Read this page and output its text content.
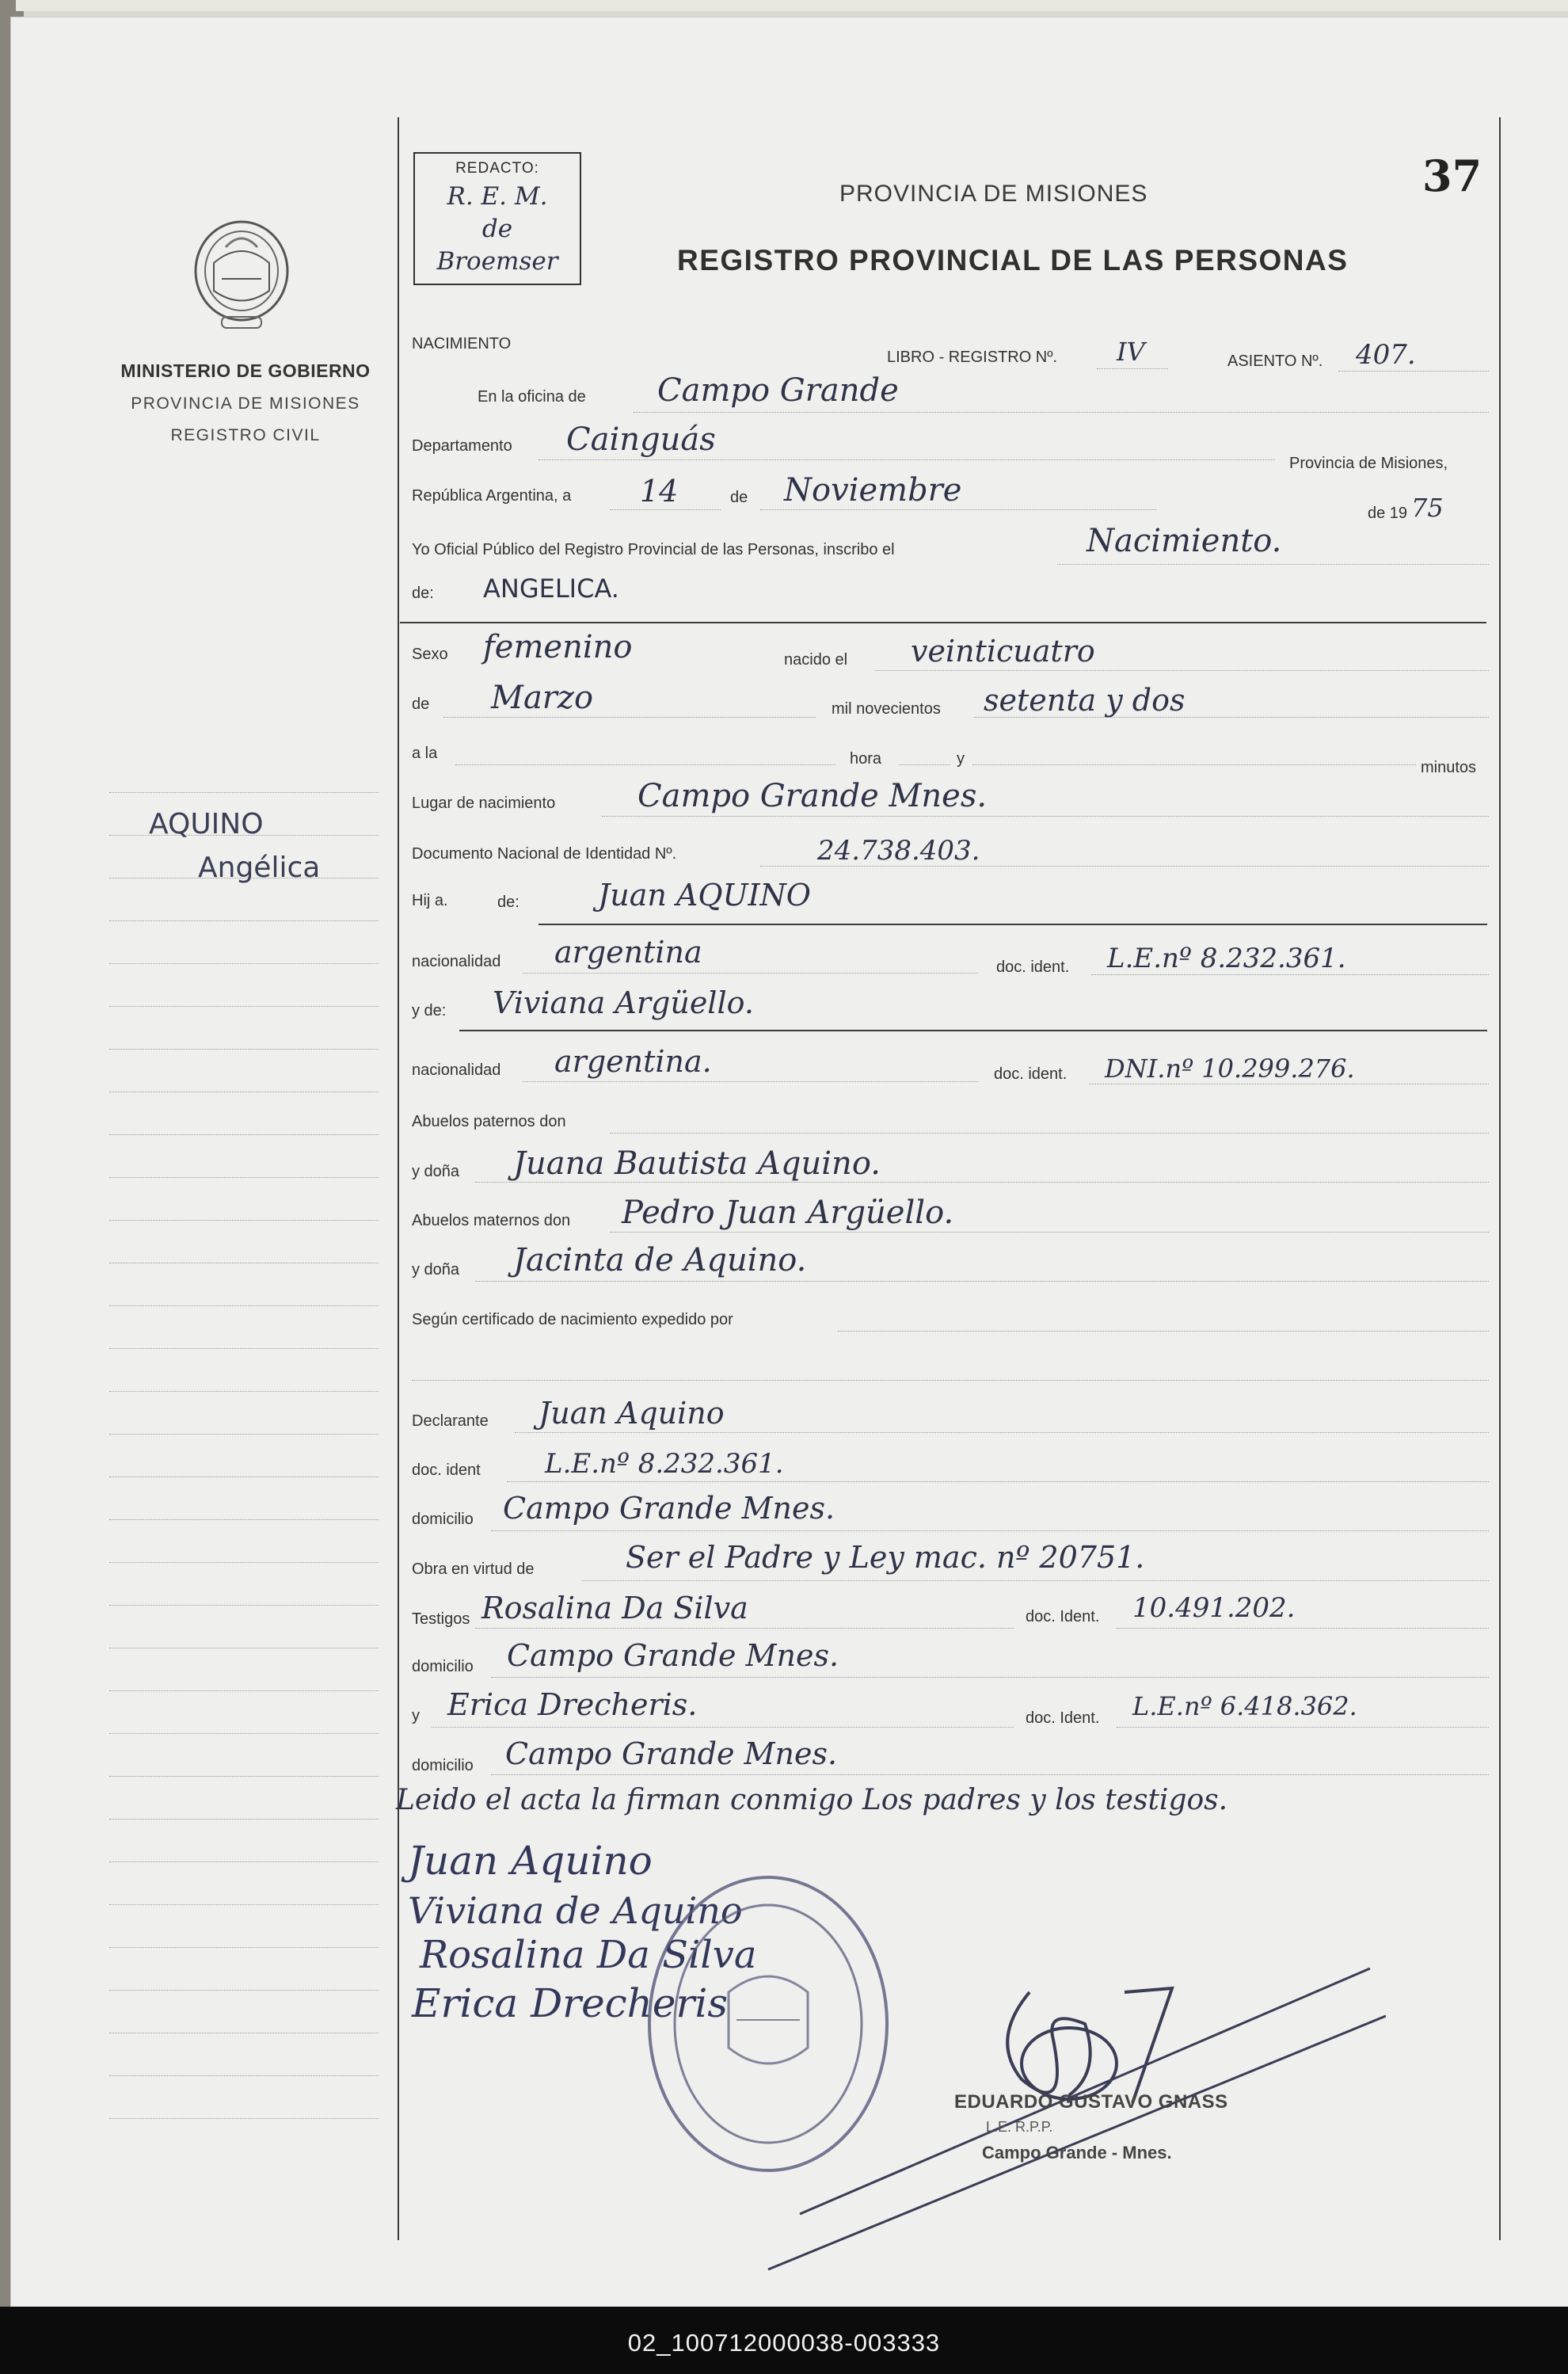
MINISTERIO DE GOBIERNO
PROVINCIA DE MISIONES
REGISTRO CIVIL
AQUINO
Angélica
REDACTO:
R. E. M.
de
Broemser
PROVINCIA DE MISIONES
REGISTRO PROVINCIAL DE LAS PERSONAS
37
NACIMIENTO
LIBRO - REGISTRO Nº. IV	ASIENTO Nº. 407.
En la oficina de Campo Grande
Departamento Cainguás
Provincia de Misiones,
República Argentina, a 14	de Noviembre
de 19 75
Yo Oficial Público del Registro Provincial de las Personas, inscribo el	Nacimiento.
de: ANGELICA.
Sexo femenino	nacido el veinticuatro
de Marzo	mil novecientos setenta y dos
a la	hora	y	minutos
Lugar de nacimiento	Campo Grande Mnes.
Documento Nacional de Identidad Nº.	24.738.403.
Hij a.	de:	Juan AQUINO
nacionalidad argentina	doc. ident. L.E.nº 8.232.361.
y de: Viviana Argüello.
nacionalidad argentina.	doc. ident. DNI.nº 10.299.276.
Abuelos paternos don
y doña Juana Bautista Aquino.
Abuelos maternos don Pedro Juan Argüello.
y doña Jacinta de Aquino.
Según certificado de nacimiento expedido por
Declarante Juan Aquino
doc. ident L.E.nº 8.232.361.
domicilio Campo Grande Mnes.
Obra en virtud de	Ser el Padre y Ley mac. nº 20751.
Testigos Rosalina Da Silva	doc. Ident. 10.491.202.
domicilio Campo Grande Mnes.
y Erica Drecheris.	doc. Ident. L.E.nº 6.418.362.
domicilio Campo Grande Mnes.
Leido el acta la firman conmigo Los padres y los testigos.
Juan Aquino
Viviana de Aquino
Rosalina Da Silva
Erica Drecheris
EDUARDO GUSTAVO GNASS
L.E. R.P.P.
Campo Grande - Mnes.
02_100712000038-003333
